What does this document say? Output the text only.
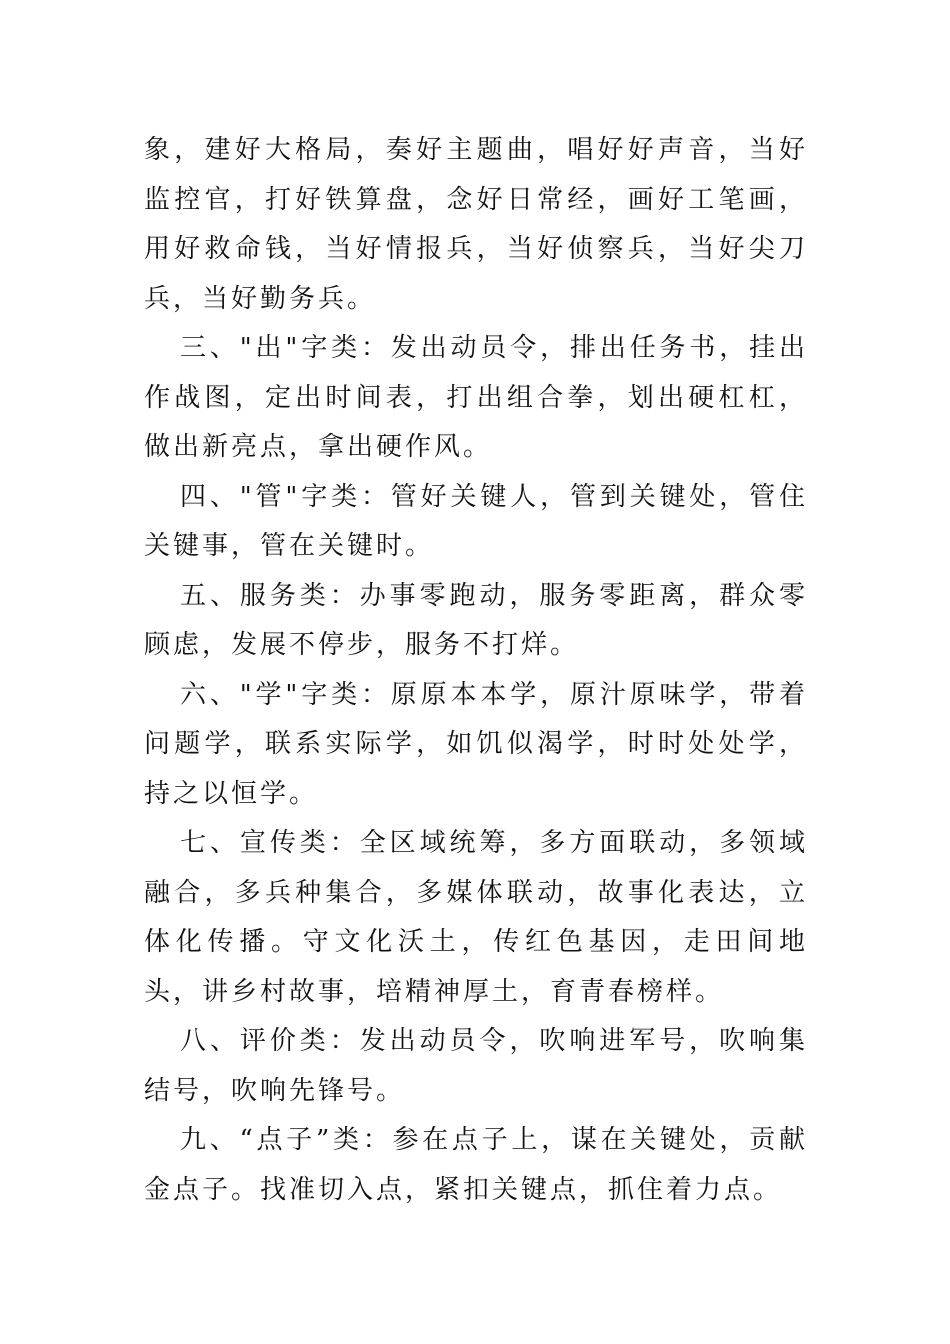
象，建好大格局，奏好主题曲，唱好好声音，当好监控官，打好铁算盘，念好日常经，画好工笔画，用好救命钱，当好情报兵，当好侦察兵，当好尖刀兵，当好勤务兵。

三、"出"字类：发出动员令，排出任务书，挂出作战图，定出时间表，打出组合拳，划出硬杠杠，做出新亮点，拿出硬作风。

四、"管"字类：管好关键人，管到关键处，管住关键事，管在关键时。

五、服务类：办事零跑动，服务零距离，群众零顾虑，发展不停步，服务不打烊。

六、"学"字类：原原本本学，原汁原味学，带着问题学，联系实际学，如饥似渴学，时时处处学，持之以恒学。

七、宣传类：全区域统筹，多方面联动，多领域融合，多兵种集合，多媒体联动，故事化表达，立体化传播。守文化沃土，传红色基因，走田间地头，讲乡村故事，培精神厚土，育青春榜样。

八、评价类：发出动员令，吹响进军号，吹响集结号，吹响先锋号。

九、“点子”类：参在点子上，谋在关键处，贡献金点子。找准切入点，紧扣关键点，抓住着力点。
